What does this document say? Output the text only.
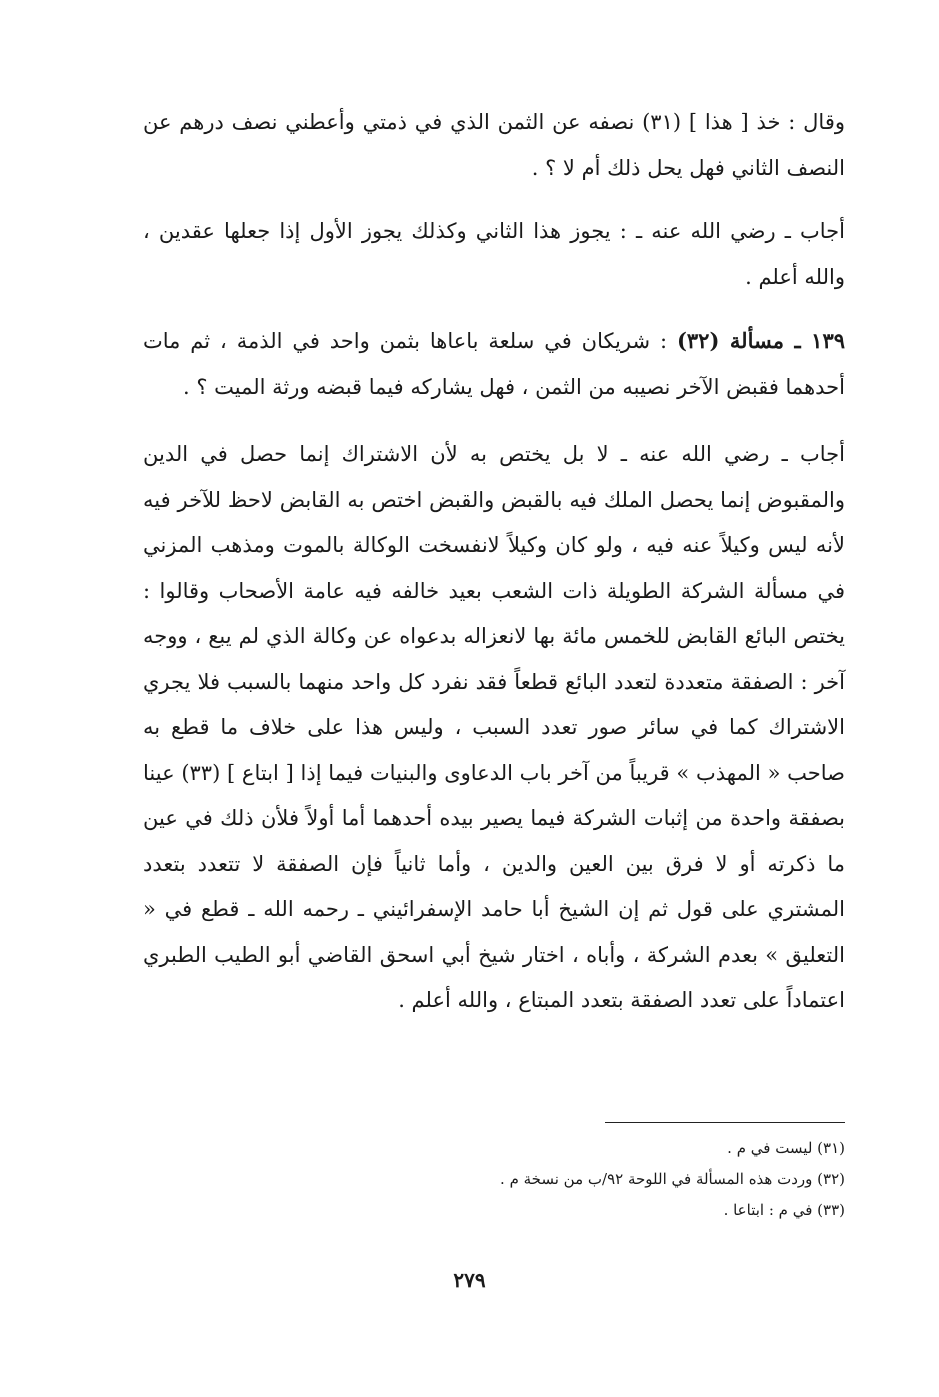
وقال : خذ [ هذا ] (٣١) نصفه عن الثمن الذي في ذمتي وأعطني نصف درهم عن النصف الثاني فهل يحل ذلك أم لا ؟ .

أجاب ـ رضي الله عنه ـ : يجوز هذا الثاني وكذلك يجوز الأول إذا جعلها عقدين ، والله أعلم .

١٣٩ ـ مسألة (٣٢) : شريكان في سلعة باعاها بثمن واحد في الذمة ، ثم مات أحدهما فقبض الآخر نصيبه من الثمن ، فهل يشاركه فيما قبضه ورثة الميت ؟ .

أجاب ـ رضي الله عنه ـ لا بل يختص به لأن الاشتراك إنما حصل في الدين والمقبوض إنما يحصل الملك فيه بالقبض والقبض اختص به القابض لاحظ للآخر فيه لأنه ليس وكيلاً عنه فيه ، ولو كان وكيلاً لانفسخت الوكالة بالموت ومذهب المزني في مسألة الشركة الطويلة ذات الشعب بعيد خالفه فيه عامة الأصحاب وقالوا : يختص البائع القابض للخمس مائة بها لانعزاله بدعواه عن وكالة الذي لم يبع ، ووجه آخر : الصفقة متعددة لتعدد البائع قطعاً فقد نفرد كل واحد منهما بالسبب فلا يجري الاشتراك كما في سائر صور تعدد السبب ، وليس هذا على خلاف ما قطع به صاحب « المهذب » قريباً من آخر باب الدعاوى والبنيات فيما إذا [ ابتاع ] (٣٣) عينا بصفقة واحدة من إثبات الشركة فيما يصير بيده أحدهما أما أولاً فلأن ذلك في عين ما ذكرته أو لا فرق بين العين والدين ، وأما ثانياً فإن الصفقة لا تتعدد بتعدد المشتري على قول ثم إن الشيخ أبا حامد الإسفرائيني ـ رحمه الله ـ قطع في « التعليق » بعدم الشركة ، وأباه ، اختار شيخ أبي اسحق القاضي أبو الطيب الطبري اعتماداً على تعدد الصفقة بتعدد المبتاع ، والله أعلم .

(٣١) ليست في م .

(٣٢) وردت هذه المسألة في اللوحة ٩٢/ب من نسخة م .

(٣٣) في م : ابتاعا .

٢٧٩
